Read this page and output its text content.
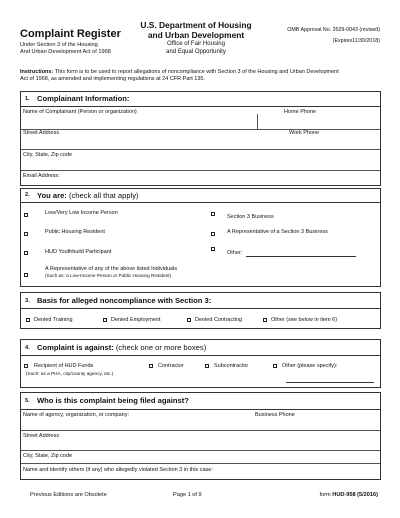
Complaint Register
Under Section 3 of the Housing
And Urban Development Act of 1968
U.S. Department of Housing
and Urban Development
Office of Fair Housing
and Equal Opportunity
OMB Approval No. 2529-0043 (revised)
(Expires11/30/2018)
Instructions: This form is to be used to report allegations of noncompliance with Section 3 of the Housing and Urban Development
Act of 1968, as amended and implementing regulations at 24 CFR Part 135.
1. Complainant Information:
Name of Complainant (Person or organization)	Home Phone
Street Address	Work Phone
City, State, Zip code
Email Address:
2. You are: (check all that apply)
Low/Very Low Income Person
Section 3 Business
Public Housing Resident	A Representative of a Section 3 Business
HUD Youthbuild Participant	Other:
A Representative of any of the above listed Individuals
(Such as: a Low-Income Person or Public Housing Resident)
3. Basis for alleged noncompliance with Section 3:
Denied Training	Denied Employment	Denied Contracting	Other (see below in item 6)
4. Complaint is against: (check one or more boxes)
Recipient of HUD Funds
(Such: as a PHA, city/county agency, etc.)
Contractor	Subcontractor	Other (please specify):
5. Who is this complaint being filed against?
Name of agency, organization, or company:	Business Phone
Street Address
City, State, Zip code
Name and identify others (if any) who allegedly violated Section 3 in this case:
Previous Editions are Obsolete	Page 1 of 9	form HUD-958 (5/2016)
